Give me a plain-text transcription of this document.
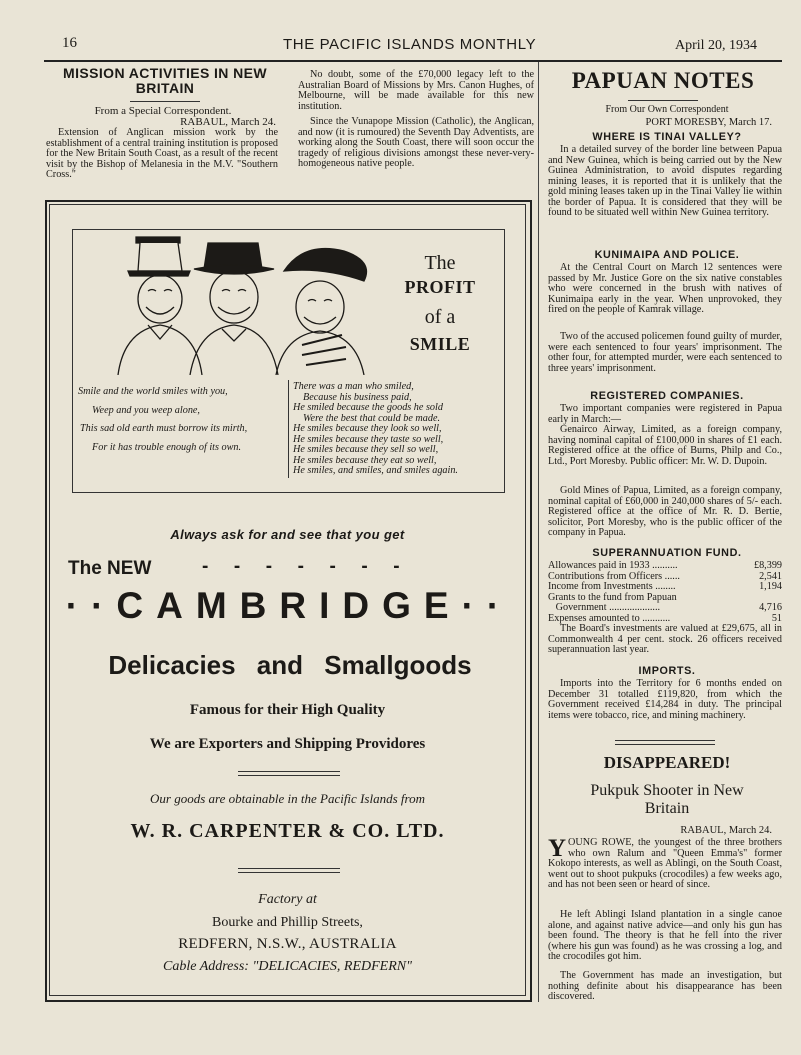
16	THE PACIFIC ISLANDS MONTHLY	April 20, 1934
MISSION ACTIVITIES IN NEW BRITAIN
From a Special Correspondent.
RABAUL, March 24.
Extension of Anglican mission work by the establishment of a central training institution is proposed for the New Britain South Coast, as a result of the recent visit by the Bishop of Melanesia in the M.V. "Southern Cross."
No doubt, some of the £70,000 legacy left to the Australian Board of Missions by Mrs. Canon Hughes, of Melbourne, will be made available for this new institution.
Since the Vunapope Mission (Catholic), the Anglican, and now (it is rumoured) the Seventh Day Adventists, are working along the South Coast, there will soon occur the tragedy of religious divisions amongst these never-very-homogeneous native people.
The
PROFIT
of a
SMILE
Smile and the world smiles with you,
Weep and you weep alone,
This sad old earth must borrow its mirth,
For it has trouble enough of its own.
There was a man who smiled,
Because his business paid,
He smiled because the goods he sold
Were the best that could be made.
He smiles because they look so well,
He smiles because they taste so well,
He smiles because they sell so well,
He smiles because they eat so well,
He smiles, and smiles, and smiles again.
Always ask for and see that you get
The NEW	-  -  -  -  -  -  -
··CAMBRIDGE··
Delicacies and Smallgoods
Famous for their High Quality
We are Exporters and Shipping Providores
Our goods are obtainable in the Pacific Islands from
W. R. CARPENTER & CO. LTD.
Factory at
Bourke and Phillip Streets,
REDFERN, N.S.W., AUSTRALIA
Cable Address: "DELICACIES, REDFERN"
PAPUAN NOTES
From Our Own Correspondent
PORT MORESBY, March 17.
WHERE IS TINAI VALLEY?
In a detailed survey of the border line between Papua and New Guinea, which is being carried out by the New Guinea Administration, to avoid disputes regarding mining leases, it is reported that it is unlikely that the gold mining leases taken up in the Tinai Valley lie within the border of Papua. It is considered that they will be found to be situated well within New Guinea territory.
KUNIMAIPA AND POLICE.
At the Central Court on March 12 sentences were passed by Mr. Justice Gore on the six native constables who were concerned in the brush with natives of Kunimaipa early in the year. When unprovoked, they fired on the people of Kamrak village.
Two of the accused policemen found guilty of murder, were each sentenced to four years' imprisonment. The other four, for attempted murder, were each sentenced to three years' imprisonment.
REGISTERED COMPANIES.
Two important companies were registered in Papua early in March:—
Genairco Airway, Limited, as a foreign company, having nominal capital of £100,000 in shares of £1 each. Registered office at the office of Burns, Philp and Co., Ltd., Port Moresby. Public officer: Mr. W. D. Dupoin.
Gold Mines of Papua, Limited, as a foreign company, nominal capital of £60,000 in 240,000 shares of 5/- each. Registered office at the office of Mr. R. D. Bertie, solicitor, Port Moresby, who is the public officer of the company in Papua.
SUPERANNUATION FUND.
Allowances paid in 1933 ..........	£8,399
Contributions from Officers ......	2,541
Income from Investments ........	1,194
Grants to the fund from Papuan	
Government ....................	4,716
Expenses amounted to ...........	51
The Board's investments are valued at £29,675, all in Commonwealth 4 per cent. stock. 26 officers received superannuation last year.
IMPORTS.
Imports into the Territory for 6 months ended on December 31 totalled £119,820, from which the Government received £14,284 in duty. The principal items were tobacco, rice, and mining machinery.
DISAPPEARED!
Pukpuk Shooter in New Britain
RABAUL, March 24.
Y OUNG ROWE, the youngest of the three brothers who own Ralum and "Queen Emma's" former Kokopo interests, as well as Ablingi, on the South Coast, went out to shoot pukpuks (crocodiles) a few weeks ago, and has not been seen or heard of since.
He left Ablingi Island plantation in a single canoe alone, and against native advice—and only his gun has been found. The theory is that he fell into the river (where his gun was found) as he was crossing a log, and the crocodiles got him.
The Government has made an investigation, but nothing definite about his disappearance has been discovered.
